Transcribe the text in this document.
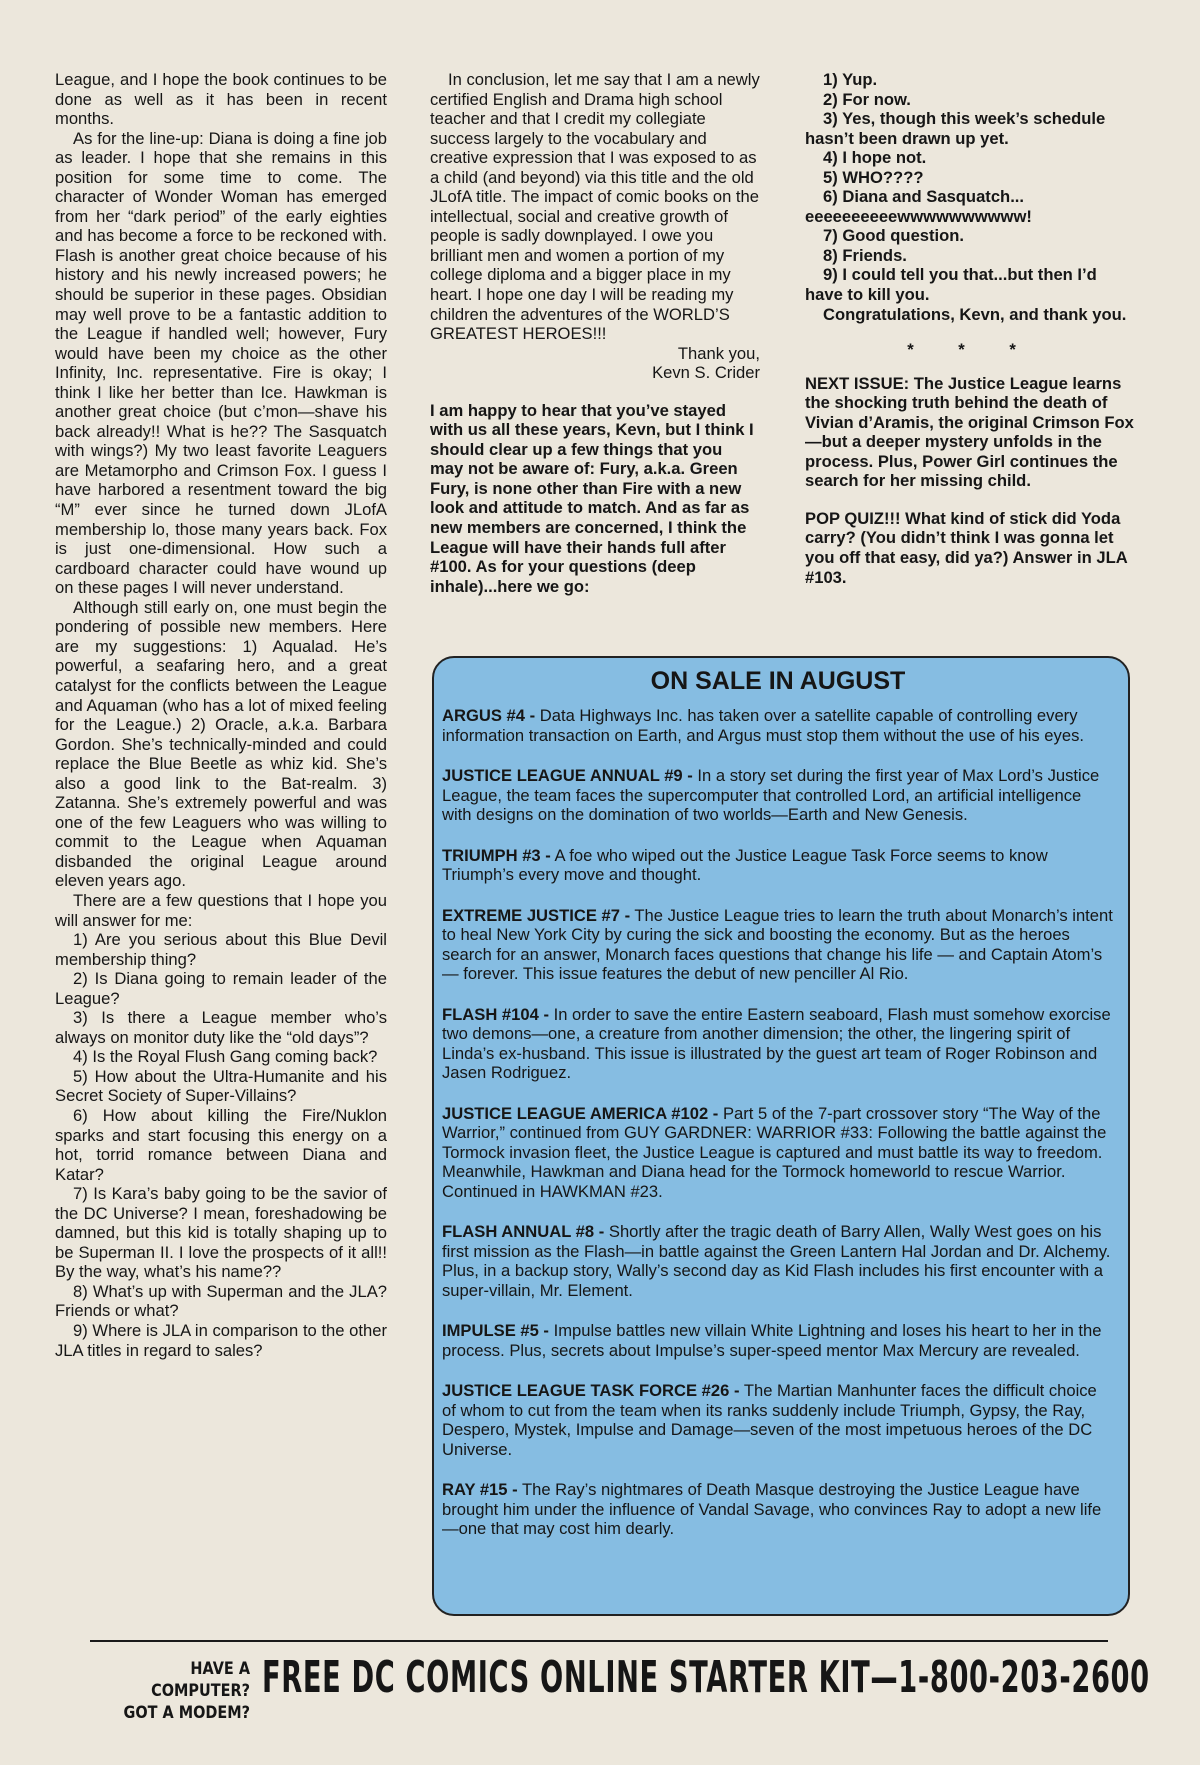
League, and I hope the book continues to be done as well as it has been in recent months.

As for the line-up: Diana is doing a fine job as leader. I hope that she remains in this position for some time to come. The character of Wonder Woman has emerged from her “dark period” of the early eighties and has become a force to be reckoned with. Flash is another great choice because of his history and his newly increased powers; he should be superior in these pages. Obsidian may well prove to be a fantastic addition to the League if handled well; however, Fury would have been my choice as the other Infinity, Inc. representative. Fire is okay; I think I like her better than Ice. Hawkman is another great choice (but c’mon—shave his back already!! What is he?? The Sasquatch with wings?) My two least favorite Leaguers are Metamorpho and Crimson Fox. I guess I have harbored a resentment toward the big “M” ever since he turned down JLofA membership lo, those many years back. Fox is just one-dimensional. How such a cardboard character could have wound up on these pages I will never understand.

Although still early on, one must begin the pondering of possible new members. Here are my suggestions: 1) Aqualad. He’s powerful, a seafaring hero, and a great catalyst for the conflicts between the League and Aquaman (who has a lot of mixed feeling for the League.) 2) Oracle, a.k.a. Barbara Gordon. She’s technically-minded and could replace the Blue Beetle as whiz kid. She’s also a good link to the Bat-realm. 3) Zatanna. She’s extremely powerful and was one of the few Leaguers who was willing to commit to the League when Aquaman disbanded the original League around eleven years ago.

There are a few questions that I hope you will answer for me:

1) Are you serious about this Blue Devil membership thing?

2) Is Diana going to remain leader of the League?

3) Is there a League member who’s always on monitor duty like the “old days”?

4) Is the Royal Flush Gang coming back?

5) How about the Ultra-Humanite and his Secret Society of Super-Villains?

6) How about killing the Fire/Nuklon sparks and start focusing this energy on a hot, torrid romance between Diana and Katar?

7) Is Kara’s baby going to be the savior of the DC Universe? I mean, foreshadowing be damned, but this kid is totally shaping up to be Superman II. I love the prospects of it all!! By the way, what’s his name??

8) What’s up with Superman and the JLA? Friends or what?

9) Where is JLA in comparison to the other JLA titles in regard to sales?

In conclusion, let me say that I am a newly certified English and Drama high school teacher and that I credit my collegiate success largely to the vocabulary and creative expression that I was exposed to as a child (and beyond) via this title and the old JLofA title. The impact of comic books on the intellectual, social and creative growth of people is sadly downplayed. I owe you brilliant men and women a portion of my college diploma and a bigger place in my heart. I hope one day I will be reading my children the adventures of the WORLD’S GREATEST HEROES!!!

Thank you,

Kevn S. Crider

I am happy to hear that you’ve stayed with us all these years, Kevn, but I think I should clear up a few things that you may not be aware of: Fury, a.k.a. Green Fury, is none other than Fire with a new look and attitude to match. And as far as new members are concerned, I think the League will have their hands full after #100. As for your questions (deep inhale)...here we go:

1) Yup.

2) For now.

3) Yes, though this week’s schedule hasn’t been drawn up yet.

4) I hope not.

5) WHO????

6) Diana and Sasquatch... eeeeeeeeeewwwwwwwwww!

7) Good question.

8) Friends.

9) I could tell you that...but then I’d have to kill you.

Congratulations, Kevn, and thank you.

* * *

NEXT ISSUE: The Justice League learns the shocking truth behind the death of Vivian d’Aramis, the original Crimson Fox—but a deeper mystery unfolds in the process. Plus, Power Girl continues the search for her missing child.

POP QUIZ!!! What kind of stick did Yoda carry? (You didn’t think I was gonna let you off that easy, did ya?) Answer in JLA #103.

ON SALE IN AUGUST

ARGUS #4 - Data Highways Inc. has taken over a satellite capable of controlling every information transaction on Earth, and Argus must stop them without the use of his eyes.

JUSTICE LEAGUE ANNUAL #9 - In a story set during the first year of Max Lord’s Justice League, the team faces the supercomputer that controlled Lord, an artificial intelligence with designs on the domination of two worlds—Earth and New Genesis.

TRIUMPH #3 - A foe who wiped out the Justice League Task Force seems to know Triumph’s every move and thought.

EXTREME JUSTICE #7 - The Justice League tries to learn the truth about Monarch’s intent to heal New York City by curing the sick and boosting the economy. But as the heroes search for an answer, Monarch faces questions that change his life — and Captain Atom’s — forever. This issue features the debut of new penciller Al Rio.

FLASH #104 - In order to save the entire Eastern seaboard, Flash must somehow exorcise two demons—one, a creature from another dimension; the other, the lingering spirit of Linda’s ex-husband. This issue is illustrated by the guest art team of Roger Robinson and Jasen Rodriguez.

JUSTICE LEAGUE AMERICA #102 - Part 5 of the 7-part crossover story “The Way of the Warrior,” continued from GUY GARDNER: WARRIOR #33: Following the battle against the Tormock invasion fleet, the Justice League is captured and must battle its way to freedom. Meanwhile, Hawkman and Diana head for the Tormock homeworld to rescue Warrior. Continued in HAWKMAN #23.

FLASH ANNUAL #8 - Shortly after the tragic death of Barry Allen, Wally West goes on his first mission as the Flash—in battle against the Green Lantern Hal Jordan and Dr. Alchemy. Plus, in a backup story, Wally’s second day as Kid Flash includes his first encounter with a super-villain, Mr. Element.

IMPULSE #5 - Impulse battles new villain White Lightning and loses his heart to her in the process. Plus, secrets about Impulse’s super-speed mentor Max Mercury are revealed.

JUSTICE LEAGUE TASK FORCE #26 - The Martian Manhunter faces the difficult choice of whom to cut from the team when its ranks suddenly include Triumph, Gypsy, the Ray, Despero, Mystek, Impulse and Damage—seven of the most impetuous heroes of the DC Universe.

RAY #15 - The Ray’s nightmares of Death Masque destroying the Justice League have brought him under the influence of Vandal Savage, who convinces Ray to adopt a new life—one that may cost him dearly.

HAVE A COMPUTER?
GOT A MODEM?
FREE DC COMICS ONLINE STARTER KIT—1-800-203-2600
